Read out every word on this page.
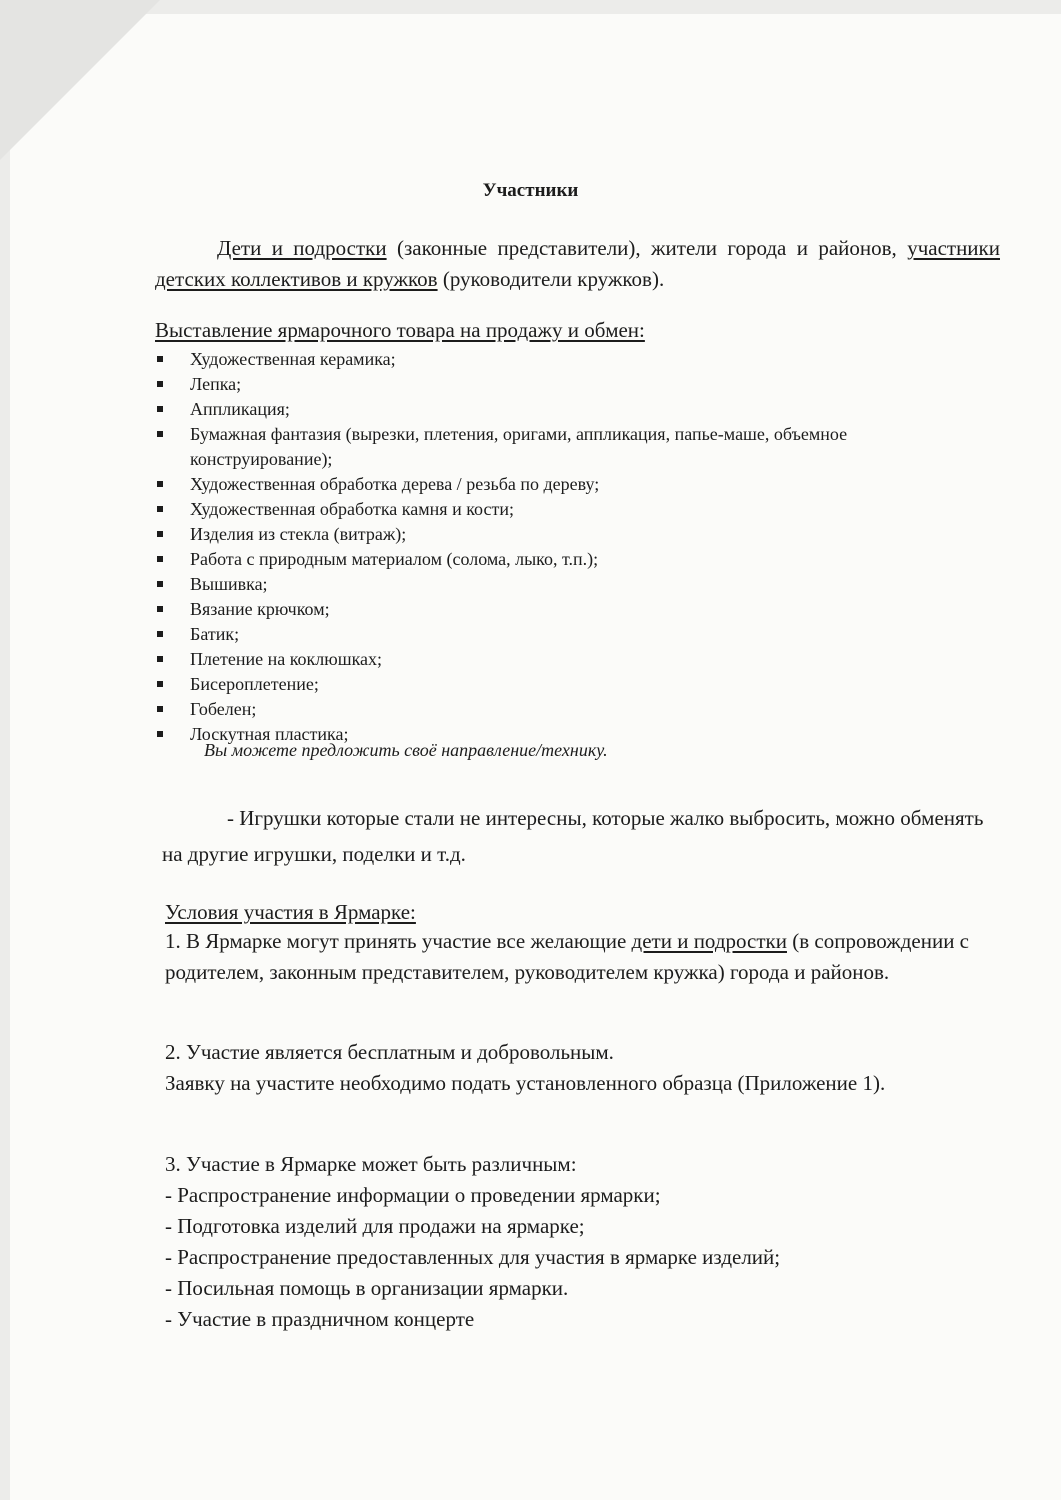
Участники
Дети и подростки (законные представители), жители города и районов, участники детских коллективов и кружков (руководители кружков).
Выставление ярмарочного товара на продажу и обмен:
Художественная керамика;
Лепка;
Аппликация;
Бумажная фантазия (вырезки, плетения, оригами, аппликация, папье-маше, объемное конструирование);
Художественная обработка дерева / резьба по дереву;
Художественная обработка камня и кости;
Изделия из стекла (витраж);
Работа с природным материалом (солома, лыко, т.п.);
Вышивка;
Вязание крючком;
Батик;
Плетение на коклюшках;
Бисероплетение;
Гобелен;
Лоскутная пластика;
Вы можете предложить своё направление/технику.
- Игрушки которые стали не интересны, которые жалко выбросить, можно обменять на другие игрушки, поделки и т.д.
Условия участия в Ярмарке:
1. В Ярмарке могут принять участие все желающие дети и подростки (в сопровождении с родителем, законным представителем, руководителем кружка) города и районов.
2. Участие является бесплатным и добровольным.
Заявку на участите необходимо подать установленного образца (Приложение 1).
3. Участие в Ярмарке может быть различным:
- Распространение информации о проведении ярмарки;
- Подготовка изделий для продажи на ярмарке;
- Распространение предоставленных для участия в ярмарке изделий;
- Посильная помощь в организации ярмарки.
- Участие в праздничном концерте
